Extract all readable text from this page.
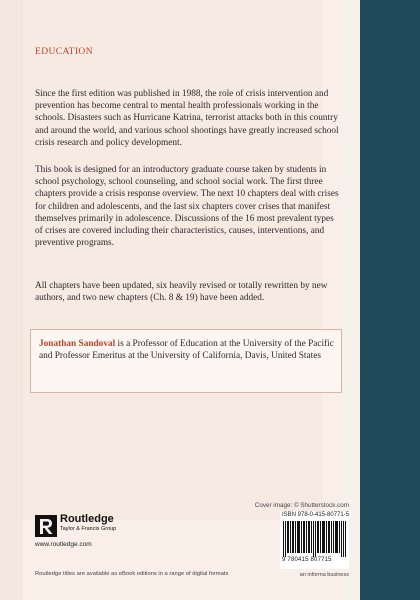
EDUCATION

Since the first edition was published in 1988, the role of crisis intervention and prevention has become central to mental health professionals working in the schools. Disasters such as Hurricane Katrina, terrorist attacks both in this country and around the world, and various school shootings have greatly increased school crisis research and policy development.

This book is designed for an introductory graduate course taken by students in school psychology, school counseling, and school social work. The first three chapters provide a crisis response overview. The next 10 chapters deal with crises for children and adolescents, and the last six chapters cover crises that manifest themselves primarily in adolescence. Discussions of the 16 most prevalent types of crises are covered including their characteristics, causes, interventions, and preventive programs.

All chapters have been updated, six heavily revised or totally rewritten by new authors, and two new chapters (Ch. 8 & 19) have been added.

Jonathan Sandoval is a Professor of Education at the University of the Pacific and Professor Emeritus at the University of California, Davis, United States
Cover image: © Shutterstock.com
Routledge
Taylor & Francis Group
www.routledge.com
Routledge titles are available as eBook editions in a range of digital formats
ISBN 978-0-415-80771-5
9 780415 807715
an informa business
